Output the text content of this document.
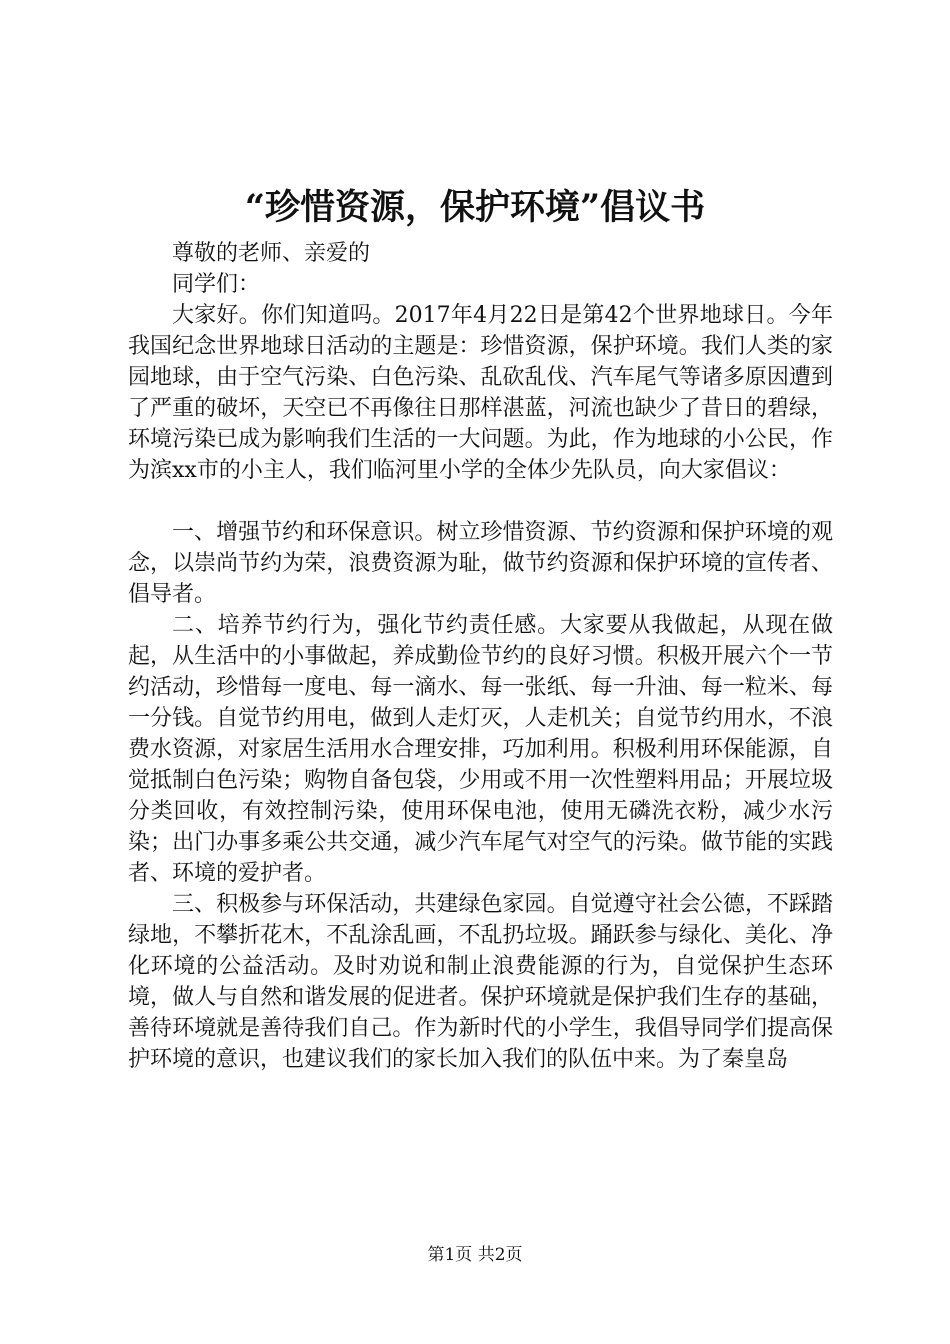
“珍惜资源，保护环境”倡议书

尊敬的老师、亲爱的

同学们：

大家好。你们知道吗。2017年4月22日是第42个世界地球日。今年我国纪念世界地球日活动的主题是：珍惜资源，保护环境。我们人类的家园地球，由于空气污染、白色污染、乱砍乱伐、汽车尾气等诸多原因遭到了严重的破坏，天空已不再像往日那样湛蓝，河流也缺少了昔日的碧绿，环境污染已成为影响我们生活的一大问题。为此，作为地球的小公民，作为滨xx市的小主人，我们临河里小学的全体少先队员，向大家倡议：

一、增强节约和环保意识。树立珍惜资源、节约资源和保护环境的观念，以崇尚节约为荣，浪费资源为耻，做节约资源和保护环境的宣传者、倡导者。

二、培养节约行为，强化节约责任感。大家要从我做起，从现在做起，从生活中的小事做起，养成勤俭节约的良好习惯。积极开展六个一节约活动，珍惜每一度电、每一滴水、每一张纸、每一升油、每一粒米、每一分钱。自觉节约用电，做到人走灯灭，人走机关；自觉节约用水，不浪费水资源，对家居生活用水合理安排，巧加利用。积极利用环保能源，自觉抵制白色污染；购物自备包袋，少用或不用一次性塑料用品；开展垃圾分类回收，有效控制污染，使用环保电池，使用无磷洗衣粉，减少水污染；出门办事多乘公共交通，减少汽车尾气对空气的污染。做节能的实践者、环境的爱护者。

三、积极参与环保活动，共建绿色家园。自觉遵守社会公德，不踩踏绿地，不攀折花木，不乱涂乱画，不乱扔垃圾。踊跃参与绿化、美化、净化环境的公益活动。及时劝说和制止浪费能源的行为，自觉保护生态环境，做人与自然和谐发展的促进者。保护环境就是保护我们生存的基础，善待环境就是善待我们自己。作为新时代的小学生，我倡导同学们提高保护环境的意识，也建议我们的家长加入我们的队伍中来。为了秦皇岛

第1页 共2页
